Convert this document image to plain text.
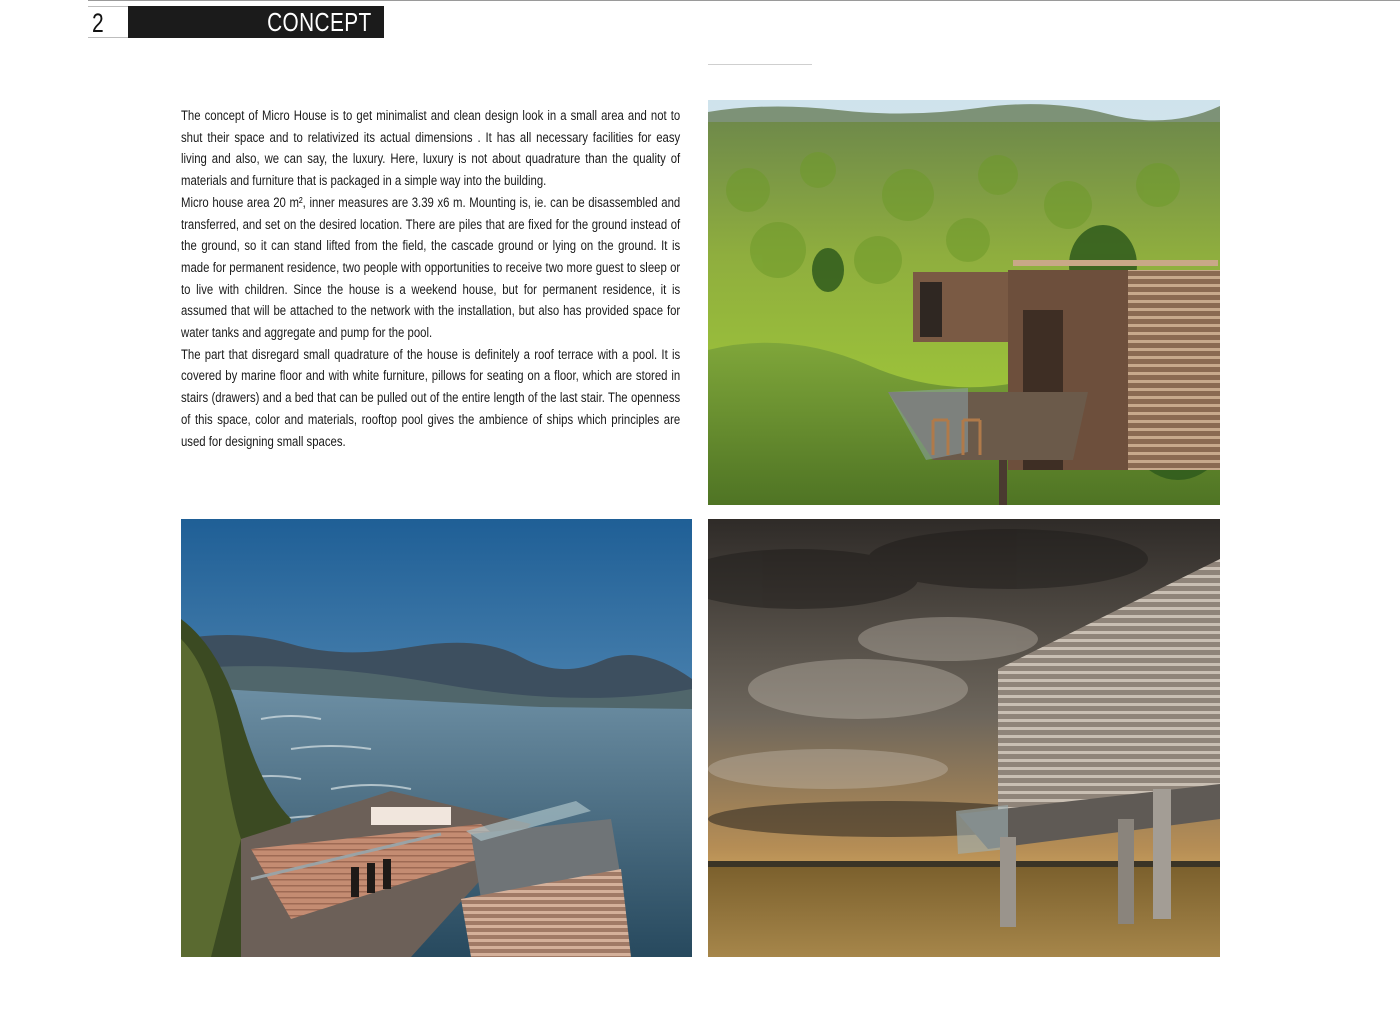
2	CONCEPT

The concept of Micro House is to get minimalist and clean design look in a small area and not to shut their space and to relativized its actual dimensions . It has all necessary facilities for easy living and also, we can say, the luxury. Here, luxury is not about quadrature than the quality of materials and furniture that is packaged in a simple way into the building.

Micro house area 20 m², inner measures are 3.39 x6 m. Mounting is, ie. can be disassembled and transferred, and set on the desired location. There are piles that are fixed for the ground instead of the ground, so it can stand lifted from the field, the cascade ground or lying on the ground. It is made for permanent residence, two people with opportunities to receive two more guest to sleep or to live with children. Since the house is a weekend house, but for permanent residence, it is assumed that will be attached to the network with the installation, but also has provided space for water tanks and aggregate and pump for the pool.

The part that disregard small quadrature of the house is definitely a roof terrace with a pool. It is covered by marine floor and with white furniture, pillows for seating on a floor, which are stored in stairs (drawers) and a bed that can be pulled out of the entire length of the last stair. The openness of this space, color and materials, rooftop pool gives the ambience of ships which principles are used for designing small spaces.
